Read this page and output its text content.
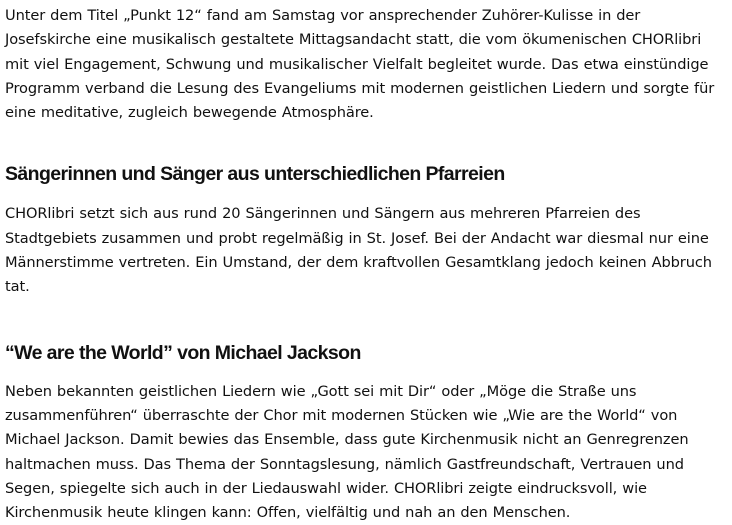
Unter dem Titel „Punkt 12“ fand am Samstag vor ansprechender Zuhörer-Kulisse in der Josefskirche eine musikalisch gestaltete Mittagsandacht statt, die vom ökumenischen CHORlibri mit viel Engagement, Schwung und musikalischer Vielfalt begleitet wurde. Das etwa einstündige Programm verband die Lesung des Evangeliums mit modernen geistlichen Liedern und sorgte für eine meditative, zugleich bewegende Atmosphäre.

Sängerinnen und Sänger aus unterschiedlichen Pfarreien

CHORlibri setzt sich aus rund 20 Sängerinnen und Sängern aus mehreren Pfarreien des Stadtgebiets zusammen und probt regelmäßig in St. Josef. Bei der Andacht war diesmal nur eine Männerstimme vertreten. Ein Umstand, der dem kraftvollen Gesamtklang jedoch keinen Abbruch tat.

“We are the World” von Michael Jackson

Neben bekannten geistlichen Liedern wie „Gott sei mit Dir“ oder „Möge die Straße uns zusammenführen“ überraschte der Chor mit modernen Stücken wie „Wie are the World“ von Michael Jackson. Damit bewies das Ensemble, dass gute Kirchenmusik nicht an Genregrenzen haltmachen muss. Das Thema der Sonntagslesung, nämlich Gastfreundschaft, Vertrauen und Segen, spiegelte sich auch in der Liedauswahl wider. CHORlibri zeigte eindrucksvoll, wie Kirchenmusik heute klingen kann: Offen, vielfältig und nah an den Menschen.
